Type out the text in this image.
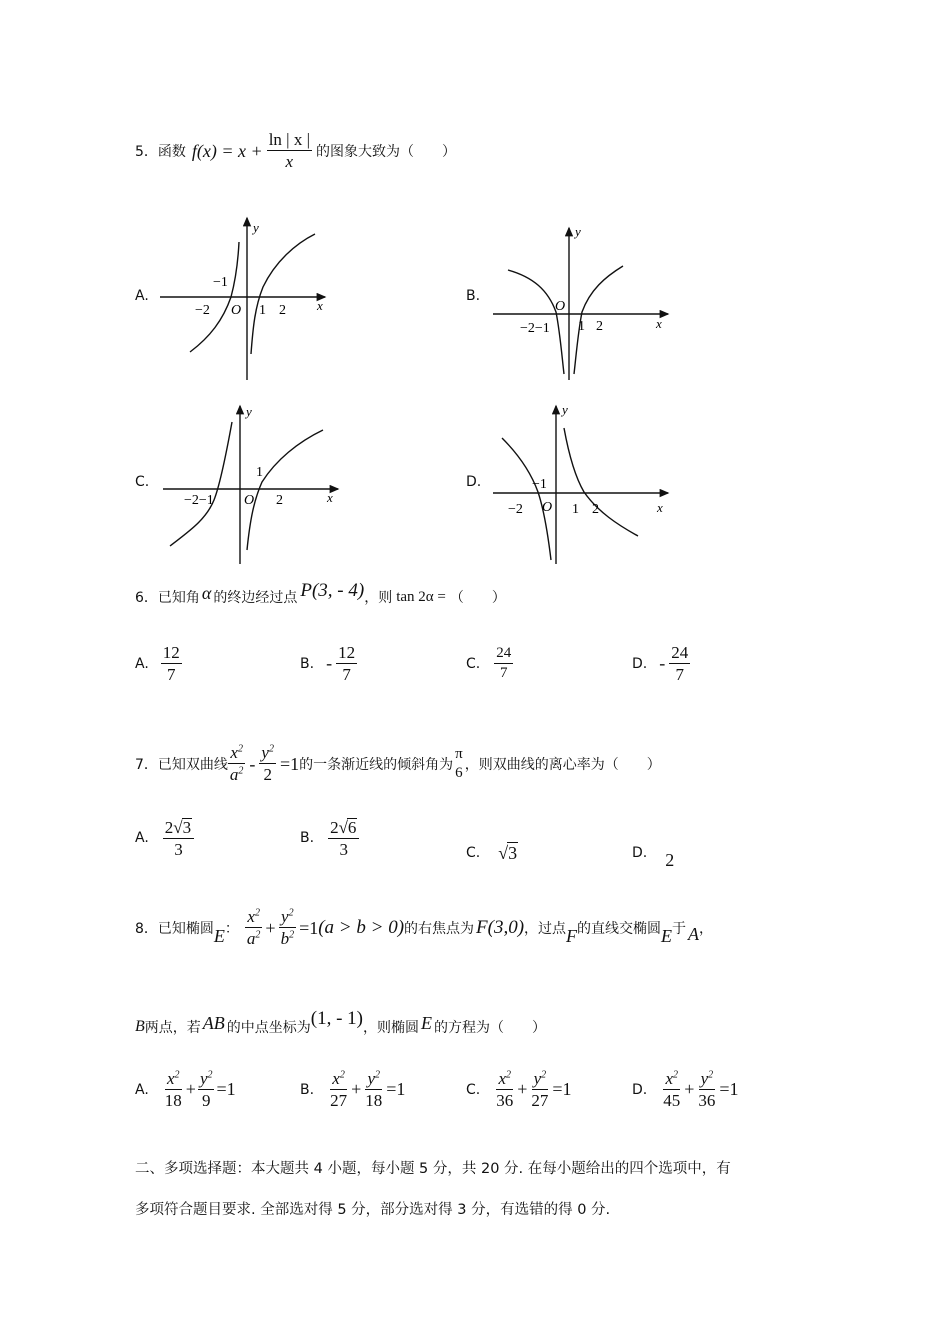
5．函数 $f(x) = x + \frac{\ln | x |}{x}$ 的图象大致为（　　）
A.	B.
C.	D.
y
x
O
−2
−1
1 2
y
x
O
−2−1 1 2
y
x
O
−2−1
1
2
y
x
O
−1
−2	1 2
6．已知角 α 的终边经过点 P(3, - 4) ，则 tan 2α = （　　）
A. $\frac{12}{7}$	B. - $\frac{12}{7}$	C. $\frac{24}{7}$	D. - $\frac{24}{7}$
7．已知双曲线 $\frac{x^2}{a^2} - \frac{y^2}{2} =1$ 的一条渐近线的倾斜角为
π
6 ，则双曲线的离心率为（　　）
A. $\frac{2√3}{3}$	B. $\frac{2√6}{3}$	C. √3	D. 2
8．已知椭圆 E ： $\frac{x^2}{a^2} + \frac{y^2}{b^2} =1$ (a > b > 0) 的右焦点为 F(3,0) ，过点 F 的直线交椭圆 E 于 A ，
B 两点，若 AB 的中点坐标为 (1, - 1) ，则椭圆 E 的方程为（　　）
A. $\frac{x^2}{18} + \frac{y^2}{9} =1$	B. $\frac{x^2}{27} + \frac{y^2}{18} =1$	C. $\frac{x^2}{36} + \frac{y^2}{27} =1$	D. $\frac{x^2}{45} + \frac{y^2}{36} =1$
二、多项选择题：本大题共 4 小题，每小题 5 分，共 20 分. 在每小题给出的四个选项中，有
多项符合题目要求. 全部选对得 5 分，部分选对得 3 分，有选错的得 0 分.
